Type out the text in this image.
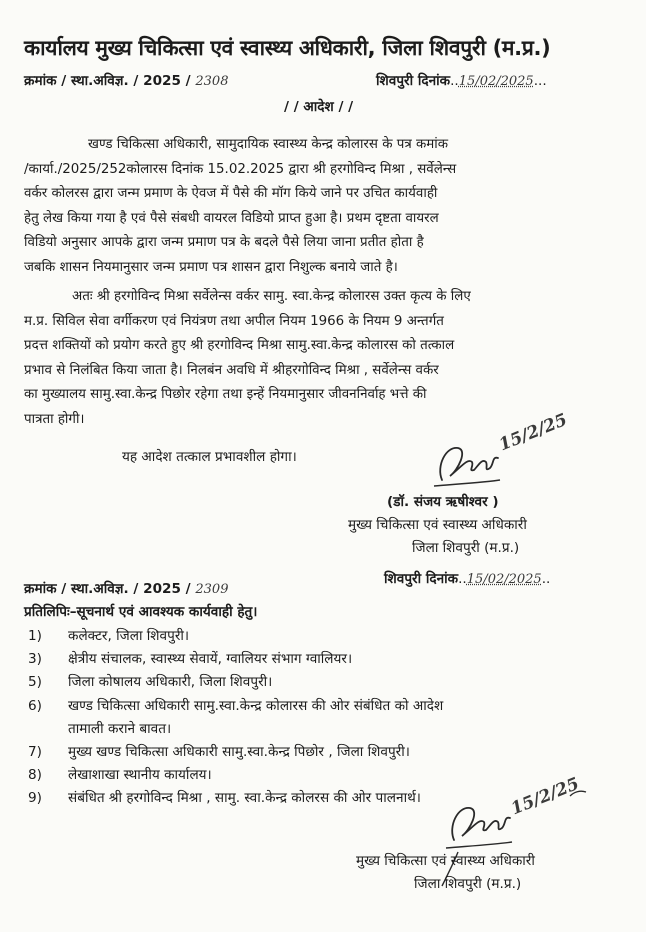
कार्यालय मुख्य चिकित्सा एवं स्वास्थ्य अधिकारी, जिला शिवपुरी (म.प्र.)
क्रमांक / स्था.अविज्ञ. / 2025 / 2308	शिवपुरी दिनांक..15/02/2025...
/ / आदेश / /
खण्ड चिकित्सा अधिकारी, सामुदायिक स्वास्थ्य केन्द्र कोलारस के पत्र कमांक
/कार्या./2025/252कोलारस दिनांक 15.02.2025 द्वारा श्री हरगोविन्द मिश्रा , सर्वेलेन्स
वर्कर कोलरस द्वारा जन्म प्रमाण के ऐवज में पैसे की मॉग किये जाने पर उचित कार्यवाही
हेतु लेख किया गया है एवं पैसे संबधी वायरल विडियो प्राप्त हुआ है। प्रथम दृष्टता वायरल
विडियो अनुसार आपके द्वारा जन्म प्रमाण पत्र के बदले पैसे लिया जाना प्रतीत होता है
जबकि शासन नियमानुसार जन्म प्रमाण पत्र शासन द्वारा निशुल्क बनाये जाते है।
अतः श्री हरगोविन्द मिश्रा सर्वेलेन्स वर्कर सामु. स्वा.केन्द्र कोलारस उक्त कृत्य के लिए
म.प्र. सिविल सेवा वर्गीकरण एवं नियंत्रण तथा अपील नियम 1966 के नियम 9 अन्तर्गत
प्रदत्त शक्तियों को प्रयोग करते हुए श्री हरगोविन्द मिश्रा सामु.स्वा.केन्द्र कोलारस को तत्काल
प्रभाव से निलंबित किया जाता है। निलबंन अवधि में श्रीहरगोविन्द मिश्रा , सर्वेलेन्स वर्कर
का मुख्यालय सामु.स्वा.केन्द्र पिछोर रहेगा तथा इन्हें नियमानुसार जीवननिर्वाह भत्ते की
पात्रता होगी।
यह आदेश तत्काल प्रभावशील होगा।
15/2/25
(डॉ. संजय ऋषीश्वर )
मुख्य चिकित्सा एवं स्वास्थ्य अधिकारी
जिला शिवपुरी (म.प्र.)
क्रमांक / स्था.अविज्ञ. / 2025 / 2309
शिवपुरी दिनांक..15/02/2025..
प्रतिलिपिः–सूचनार्थ एवं आवश्यक कार्यवाही हेतु।
1) कलेक्टर, जिला शिवपुरी।
3) क्षेत्रीय संचालक, स्वास्थ्य सेवायें, ग्वालियर संभाग ग्वालियर।
5) जिला कोषालय अधिकारी, जिला शिवपुरी।
6) खण्ड चिकित्सा अधिकारी सामु.स्वा.केन्द्र कोलारस की ओर संबंधित को आदेश
तामाली कराने बावत।
7) मुख्य खण्ड चिकित्सा अधिकारी सामु.स्वा.केन्द्र पिछोर , जिला शिवपुरी।
8) लेखाशाखा स्थानीय कार्यालय।
9) संबंधित श्री हरगोविन्द मिश्रा , सामु. स्वा.केन्द्र कोलरस की ओर पालनार्थ।	15/2/25
मुख्य चिकित्सा एवं स्वास्थ्य अधिकारी
जिला शिवपुरी (म.प्र.)
